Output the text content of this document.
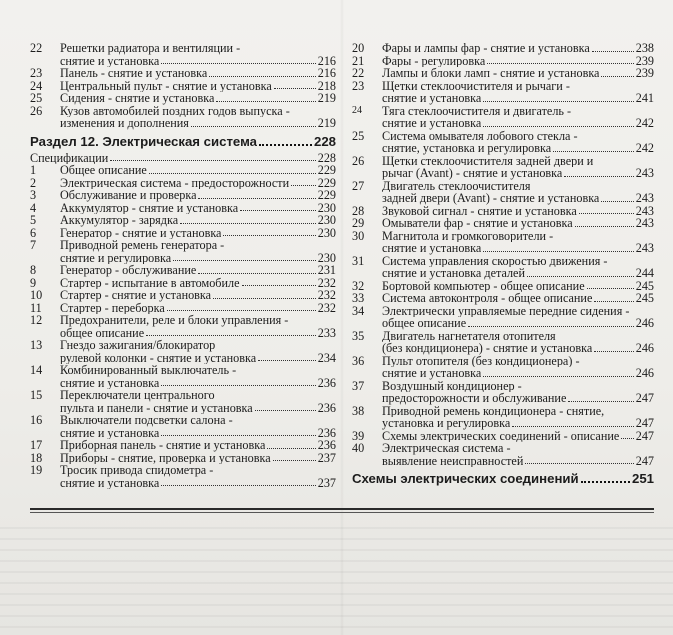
22	Решетки радиатора и вентиляции -
снятие и установка	216
23	Панель - снятие и установка	216
24	Центральный пульт - снятие и установка	218
25	Сидения - снятие и установка	219
26	Кузов автомобилей поздних годов выпуска -
изменения и дополнения	219
Раздел 12. Электрическая система	228
Спецификации	228
1	Общее описание	229
2	Электрическая система - предосторожности 229
3	Обслуживание и проверка	229
4	Аккумулятор - снятие и установка	230
5	Аккумулятор - зарядка	230
6	Генератор - снятие и установка	230
7	Приводной ремень генератора -
снятие и регулировка	230
8	Генератор - обслуживание	231
9	Стартер - испытание в автомобиле	232
10	Стартер - снятие и установка	232
11	Стартер - переборка	232
12	Предохранители, реле и блоки управления -
общее описание	233
13	Гнездо зажигания/блокиратор
рулевой колонки - снятие и установка	234
14	Комбинированный выключатель -
снятие и установка	236
15	Переключатели центрального
пульта и панели - снятие и установка	236
16	Выключатели подсветки салона -
снятие и установка	236
17	Приборная панель - снятие и установка	236
18	Приборы - снятие, проверка и установка	237
19	Тросик привода спидометра -
снятие и установка	237
20	Фары и лампы фар - снятие и установка	238
21	Фары - регулировка	239
22	Лампы и блоки ламп - снятие и установка	239
23	Щетки стеклоочистителя и рычаги -
снятие и установка	241
24	Тяга стеклоочистителя и двигатель -
снятие и установка	242
25	Система омывателя лобового стекла -
снятие, установка и регулировка	242
26	Щетки стеклоочистителя задней двери и
рычаг (Avant) - снятие и установка	243
27	Двигатель стеклоочистителя
задней двери (Avant) - снятие и установка	243
28	Звуковой сигнал - снятие и установка	243
29	Омыватели фар - снятие и установка	243
30	Магнитола и громкоговорители -
снятие и установка	243
31	Система управления скоростью движения -
снятие и установка деталей	244
32	Бортовой компьютер - общее описание	245
33	Система автоконтроля - общее описание	245
34	Электрически управляемые передние сидения -
общее описание	246
35	Двигатель нагнетателя отопителя
(без кондиционера) - снятие и установка	246
36	Пульт отопителя (без кондиционера) -
снятие и установка	246
37	Воздушный кондиционер -
предосторожности и обслуживание	247
38	Приводной ремень кондиционера - снятие,
установка и регулировка	247
39	Схемы электрических соединений - описание 247
40	Электрическая система -
выявление неисправностей	247
Схемы электрических соединений	251
